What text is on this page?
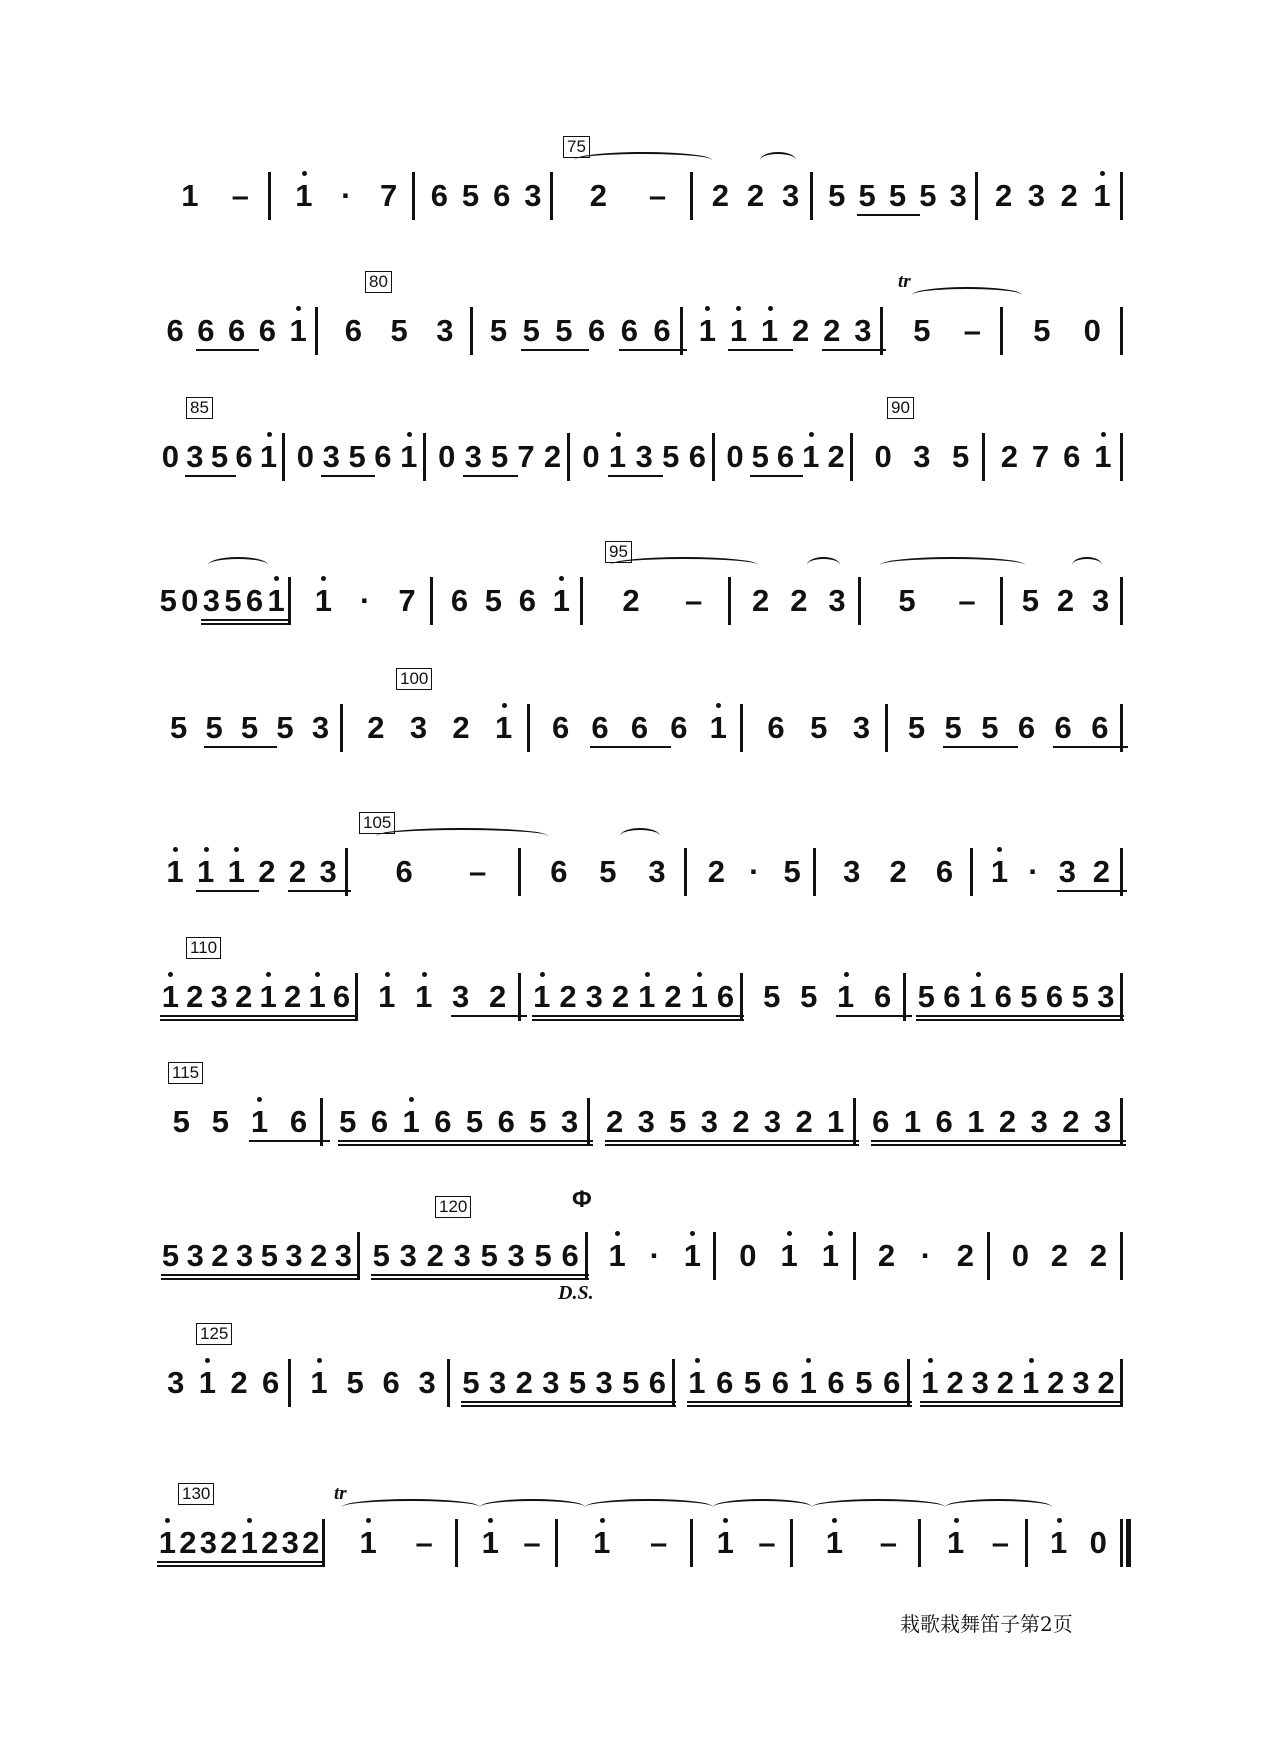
1 – 1 · 7 6 5 6 3 2 – 2 2 3 5 5 5 5 3 2 3 2 1
6 6 6 6 1 6 5 3 5 5 5 6 6 6 1 1 1 2 2 3 5 – 5 0
0 3 5 6 1 0 3 5 6 1 0 3 5 7 2 0 1 3 5 6 0 5 6 1 2 0 3 5 2 7 6 1
5 0 3 5 6 1 1 · 7 6 5 6 1 2 – 2 2 3 5 – 5 2 3
5 5 5 5 3 2 3 2 1 6 6 6 6 1 6 5 3 5 5 5 6 6 6
1 1 1 2 2 3 6 – 6 5 3 2 · 5 3 2 6 1 · 3 2
1 2 3 2 1 2 1 6 1 1 3 2 1 2 3 2 1 2 1 6 5 5 1 6 5 6 1 6 5 6 5 3
5 5 1 6 5 6 1 6 5 6 5 3 2 3 5 3 2 3 2 1 6 1 6 1 2 3 2 3
5 3 2 3 5 3 2 3 5 3 2 3 5 3 5 6 1 · 1 0 1 1 2 · 2 0 2 2
3 1 2 6 1 5 6 3 5 3 2 3 5 3 5 6 1 6 5 6 1 6 5 6 1 2 3 2 1 2 3 2
1 2 3 2 1 2 3 2 1 – 1 – 1 – 1 – 1 – 1 – 1 0
75
80
85	90
95
100
105
110
115
120
125
130
tr
tr
D.S.
Φ
栽歌栽舞笛子第2页
